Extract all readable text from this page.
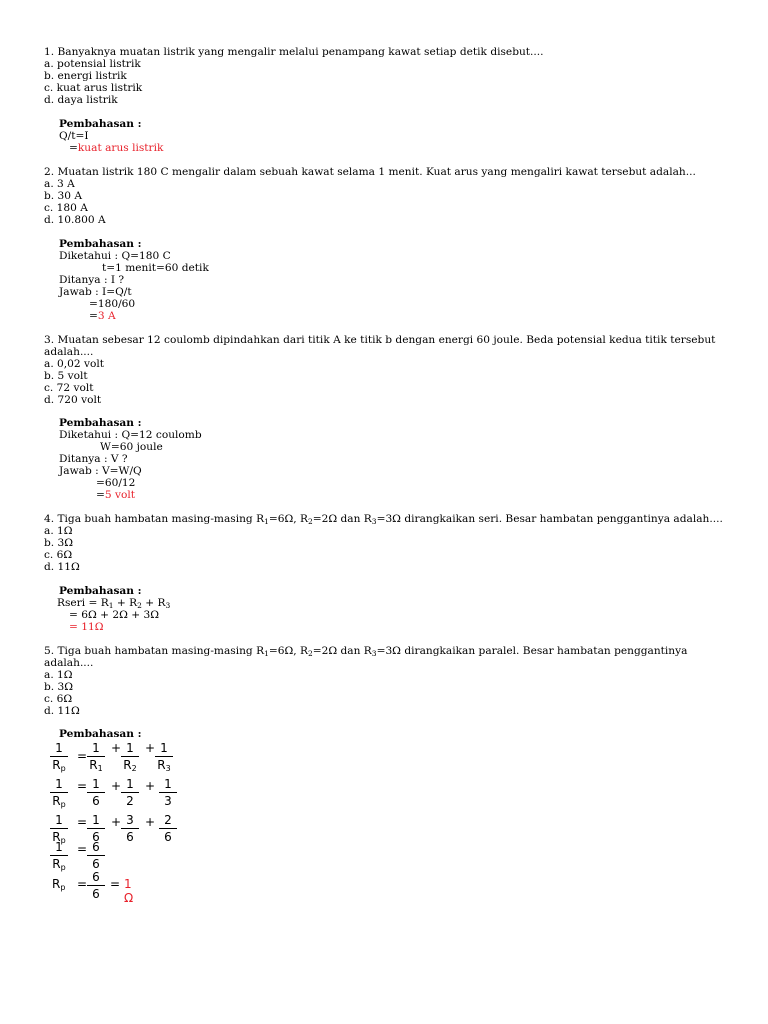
1. Banyaknya muatan listrik yang mengalir melalui penampang kawat setiap detik disebut....
a. potensial listrik
b. energi listrik
c. kuat arus listrik
d. daya listrik
Pembahasan :
Q/t=I
=kuat arus listrik
2. Muatan listrik 180 C mengalir dalam sebuah kawat selama 1 menit. Kuat arus yang mengaliri kawat tersebut adalah...
a. 3 A
b. 30 A
c. 180 A
d. 10.800 A
Pembahasan :
Diketahui : Q=180 C
t=1 menit=60 detik
Ditanya : I ?
Jawab : I=Q/t
=180/60
=3 A
3. Muatan sebesar 12 coulomb dipindahkan dari titik A ke titik b dengan energi 60 joule. Beda potensial kedua titik tersebut
adalah....
a. 0,02 volt
b. 5 volt
c. 72 volt
d. 720 volt
Pembahasan :
Diketahui : Q=12 coulomb
W=60 joule
Ditanya : V ?
Jawab : V=W/Q
=60/12
=5 volt
4. Tiga buah hambatan masing-masing $R_1=6\Omega$, $R_2=2\Omega$ dan $R_3=3\Omega$ dirangkaikan seri. Besar hambatan penggantinya adalah....
a. 1Ω
b. 3Ω
c. 6Ω
d. 11Ω
Pembahasan :
Rseri = $R_1 + R_2 + R_3$
= 6Ω + 2Ω + 3Ω
= 11Ω
5. Tiga buah hambatan masing-masing $R_1=6\Omega$, $R_2=2\Omega$ dan $R_3=3\Omega$ dirangkaikan paralel. Besar hambatan penggantinya
adalah....
a. 1Ω
b. 3Ω
c. 6Ω
d. 11Ω
Pembahasan :
1
Rp
=
1
R1
+ 1
R2
+ 1
R3
1
Rp
= 1
6
+ 1
2
+ 1
3
1
Rp
= 1
6
+ 3
6
+ 2
6
1
Rp
= 6
6
Rp = 6
6
= 1 Ω
